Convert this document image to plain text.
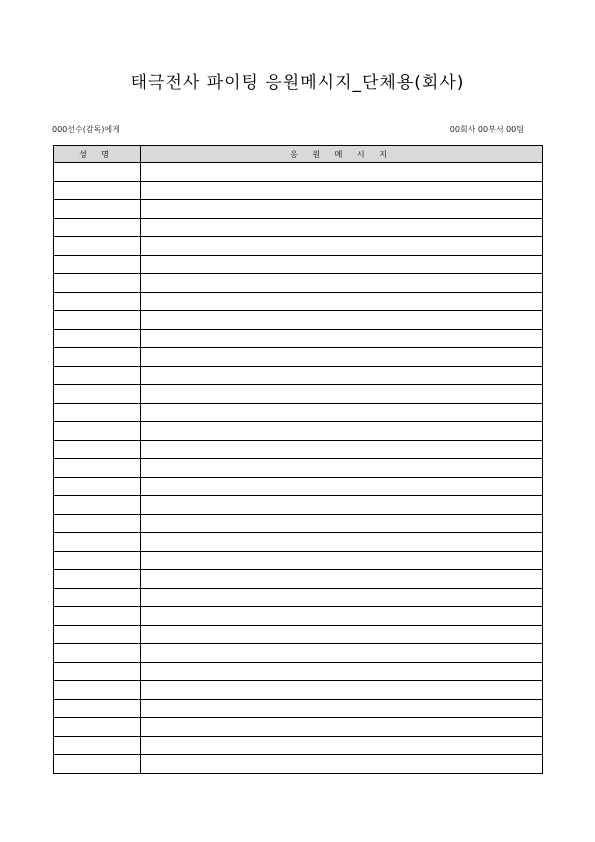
태극전사 파이팅 응원메시지_단체용(회사)
000선수(감독)에게	00회사 00부서 00팀
성 명	응 원 메 시 지
